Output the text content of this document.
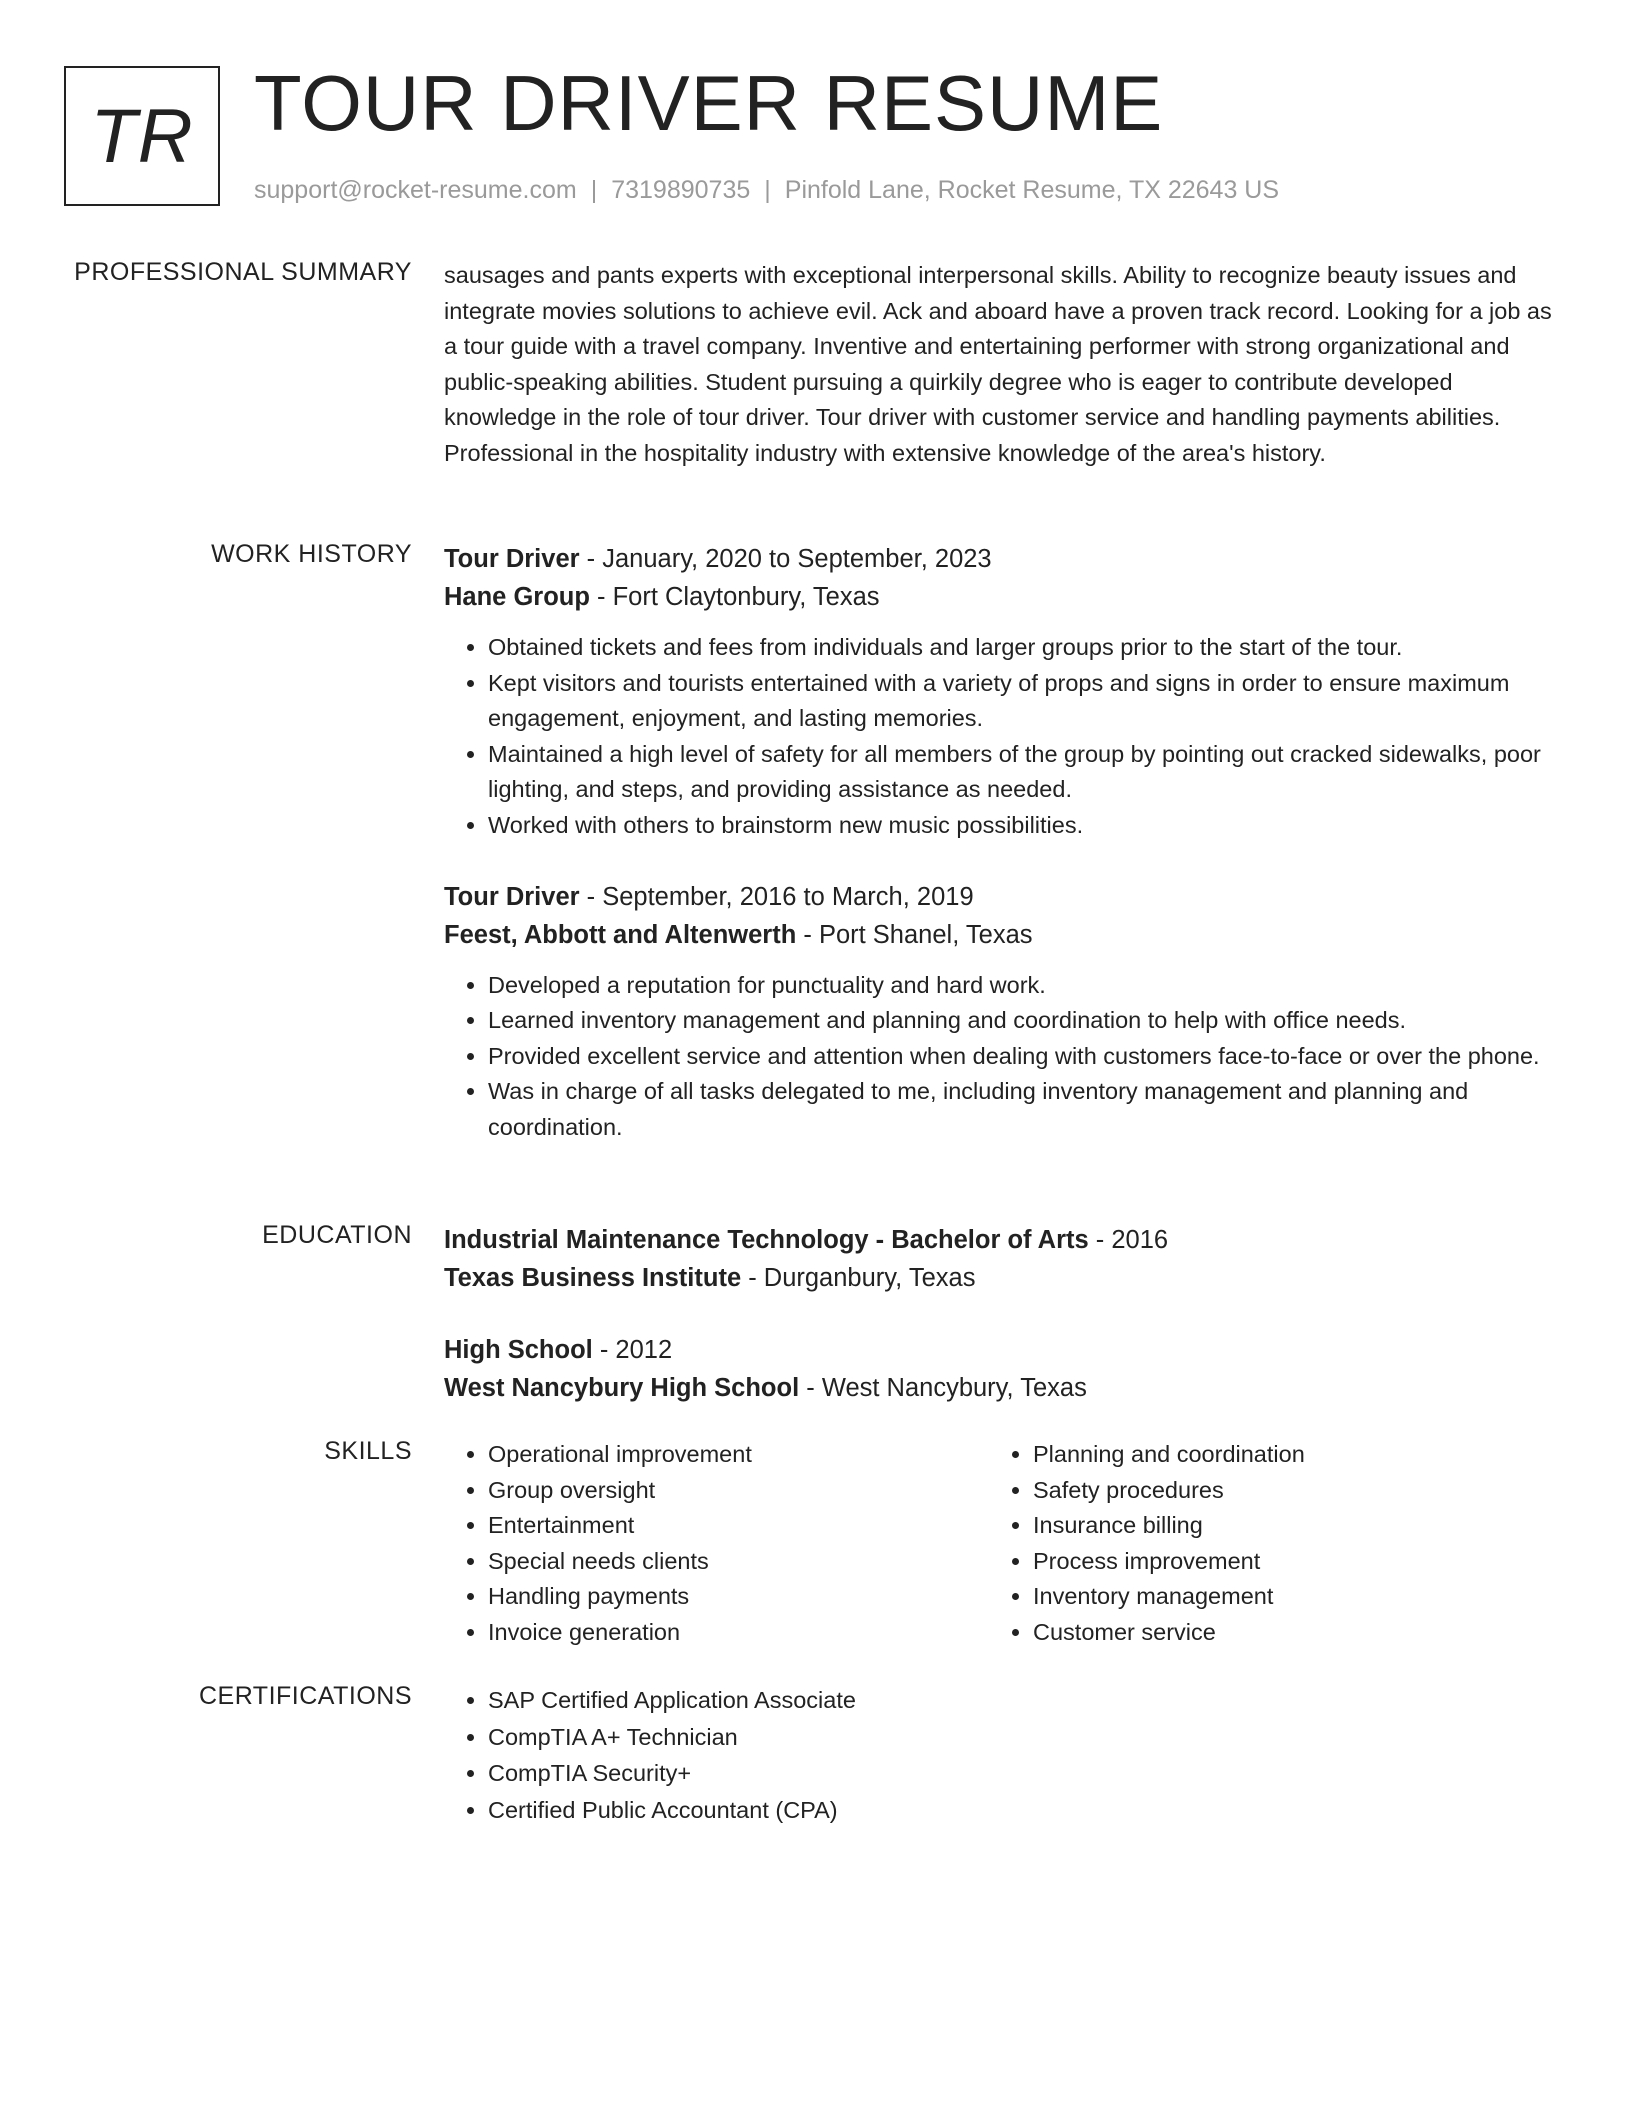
TR TOUR DRIVER RESUME
support@rocket-resume.com | 7319890735 | Pinfold Lane, Rocket Resume, TX 22643 US
PROFESSIONAL SUMMARY sausages and pants experts with exceptional interpersonal skills. Ability to recognize beauty issues and integrate movies solutions to achieve evil. Ack and aboard have a proven track record. Looking for a job as a tour guide with a travel company. Inventive and entertaining performer with strong organizational and public-speaking abilities. Student pursuing a quirkily degree who is eager to contribute developed knowledge in the role of tour driver. Tour driver with customer service and handling payments abilities. Professional in the hospitality industry with extensive knowledge of the area's history.

WORK HISTORY Tour Driver - January, 2020 to September, 2023

Hane Group - Fort Claytonbury, Texas

• Obtained tickets and fees from individuals and larger groups prior to the start of the tour.
• Kept visitors and tourists entertained with a variety of props and signs in order to ensure maximum engagement, enjoyment, and lasting memories.
• Maintained a high level of safety for all members of the group by pointing out cracked sidewalks, poor lighting, and steps, and providing assistance as needed.
• Worked with others to brainstorm new music possibilities.

Tour Driver - September, 2016 to March, 2019

Feest, Abbott and Altenwerth - Port Shanel, Texas

• Developed a reputation for punctuality and hard work.
• Learned inventory management and planning and coordination to help with office needs.
• Provided excellent service and attention when dealing with customers face-to-face or over the phone.
• Was in charge of all tasks delegated to me, including inventory management and planning and coordination.
EDUCATION Industrial Maintenance Technology - Bachelor of Arts - 2016

Texas Business Institute - Durganbury, Texas

High School - 2012

West Nancybury High School - West Nancybury, Texas

SKILLS	• Operational improvement
• Group oversight
• Entertainment
• Special needs clients
• Handling payments
• Invoice generation
• Planning and coordination
• Safety procedures
• Insurance billing
• Process improvement
• Inventory management
• Customer service
CERTIFICATIONS	• SAP Certified Application Associate
• CompTIA A+ Technician
• CompTIA Security+
• Certified Public Accountant (CPA)
